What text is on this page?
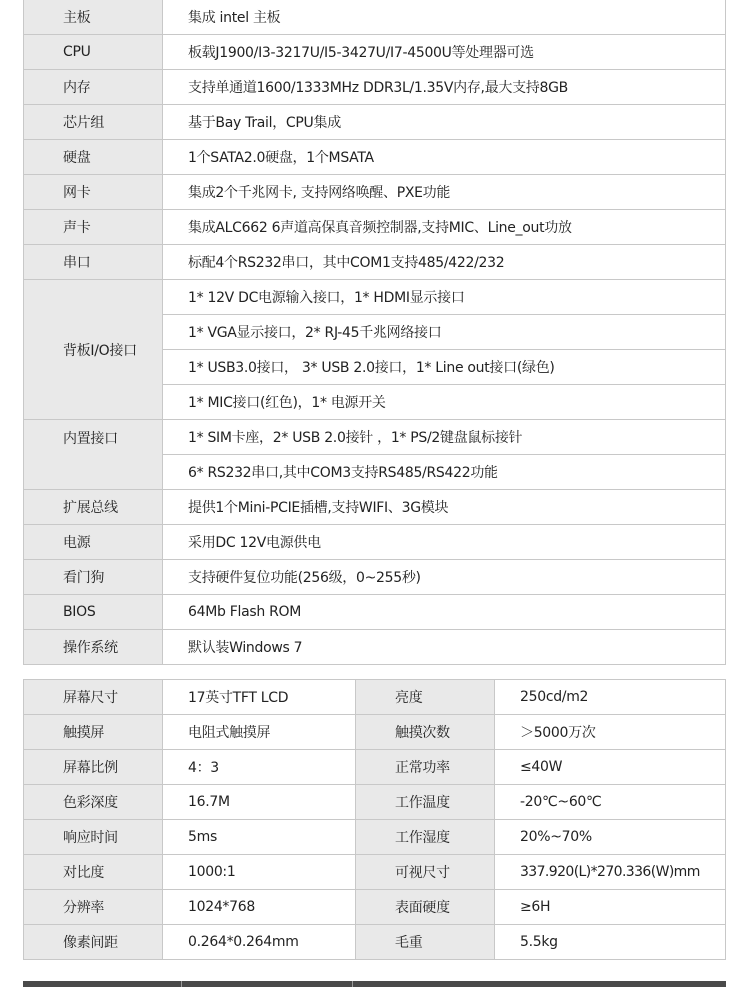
主板	集成 intel 主板
CPU	板载J1900/I3-3217U/I5-3427U/I7-4500U等处理器可选
内存	支持单通道1600/1333MHz DDR3L/1.35V内存,最大支持8GB
芯片组	基于Bay Trail，CPU集成
硬盘	1个SATA2.0硬盘，1个MSATA
网卡	集成2个千兆网卡, 支持网络唤醒、PXE功能
声卡	集成ALC662 6声道高保真音频控制器,支持MIC、Line_out功放
串口	标配4个RS232串口，其中COM1支持485/422/232
背板I/O接口	1* 12V DC电源输入接口，1* HDMI显示接口
	1* VGA显示接口，2* RJ-45千兆网络接口
	1* USB3.0接口， 3* USB 2.0接口，1* Line out接口(绿色)
	1* MIC接口(红色)，1* 电源开关
内置接口	1* SIM卡座，2* USB 2.0接针 ，1* PS/2键盘鼠标接针
	6* RS232串口,其中COM3支持RS485/RS422功能
扩展总线	提供1个Mini-PCIE插槽,支持WIFI、3G模块
电源	采用DC 12V电源供电
看门狗	支持硬件复位功能(256级，0~255秒)
BIOS	64Mb Flash ROM
操作系统	默认装Windows 7
屏幕尺寸	17英寸TFT LCD	亮度	250cd/m2
触摸屏	电阻式触摸屏	触摸次数	＞5000万次
屏幕比例	4：3	正常功率	≤40W
色彩深度	16.7M	工作温度	-20℃~60℃
响应时间	5ms	工作湿度	20%~70%
对比度	1000:1	可视尺寸	337.920(L)*270.336(W)mm
分辨率	1024*768	表面硬度	≥6H
像素间距	0.264*0.264mm	毛重	5.5kg
